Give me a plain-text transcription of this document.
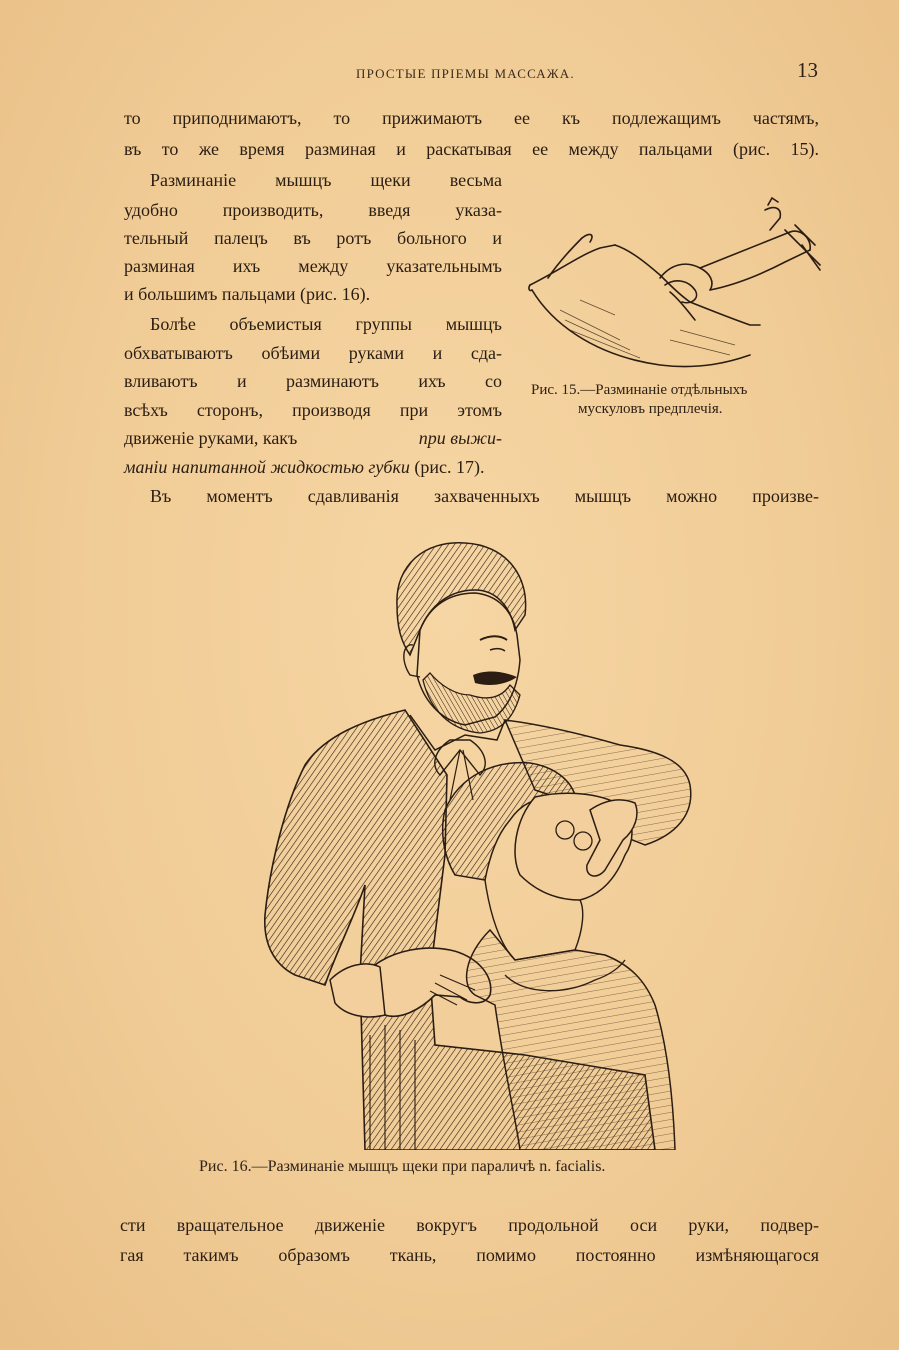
ПРОСТЫЕ ПРІЕМЫ МАССАЖА.	13
то приподнимаютъ, то прижимаютъ ее къ подлежащимъ частямъ,
въ то же время разминая и раскатывая ее между пальцами (рис. 15).
Разминаніе мышцъ щеки весьма
удобно производить, введя указа-
тельный палецъ въ ротъ больного и
разминая ихъ между указательнымъ
и большимъ пальцами (рис. 16).
Болѣе объемистыя группы мышцъ
обхватываютъ обѣими руками и сда-
вливаютъ и разминаютъ ихъ со
всѣхъ сторонъ, производя при этомъ
движеніе руками, какъ	при выжи-
маніи напитанной жидкостью губки (рис. 17).
Въ моментъ сдавливанія захваченныхъ мышцъ можно произве-
Рис. 15.—Разминаніе отдѣльныхъ
мускуловъ предплечія.
Рис. 16.—Разминаніе мышцъ щеки при параличѣ n. facialis.
сти вращательное движеніе вокругъ продольной оси руки, подвер-
гая такимъ образомъ ткань, помимо постоянно измѣняющагося
